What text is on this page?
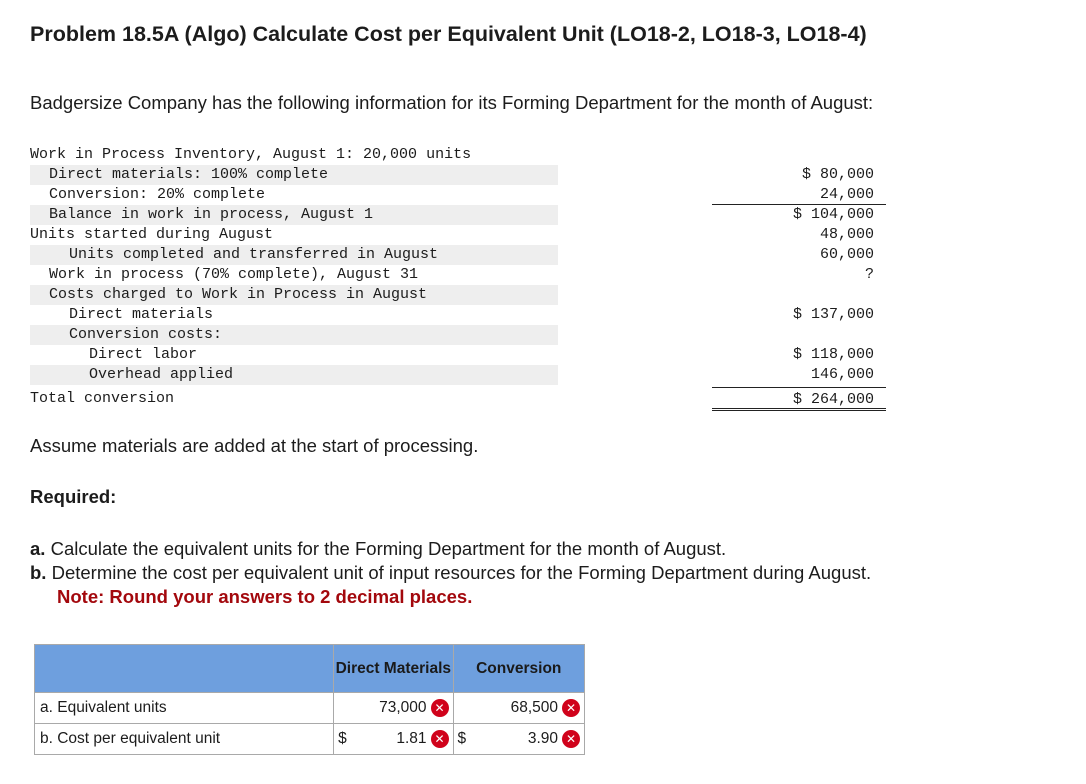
Problem 18.5A (Algo) Calculate Cost per Equivalent Unit (LO18-2, LO18-3, LO18-4)
Badgersize Company has the following information for its Forming Department for the month of August:
Work in Process Inventory, August 1: 20,000 units
Direct materials: 100% complete	$ 80,000
Conversion: 20% complete	24,000
Balance in work in process, August 1	$ 104,000
Units started during August	48,000
Units completed and transferred in August	60,000
Work in process (70% complete), August 31	?
Costs charged to Work in Process in August
Direct materials	$ 137,000
Conversion costs:
Direct labor	$ 118,000
Overhead applied	146,000
Total conversion	$ 264,000
Assume materials are added at the start of processing.
Required:
a. Calculate the equivalent units for the Forming Department for the month of August.
b. Determine the cost per equivalent unit of input resources for the Forming Department during August.
Note: Round your answers to 2 decimal places.
	Direct Materials	Conversion
a. Equivalent units	73,000 ✕	68,500 ✕

b. Cost per equivalent unit	$ 1.81 ✕	$ 3.90 ✕
